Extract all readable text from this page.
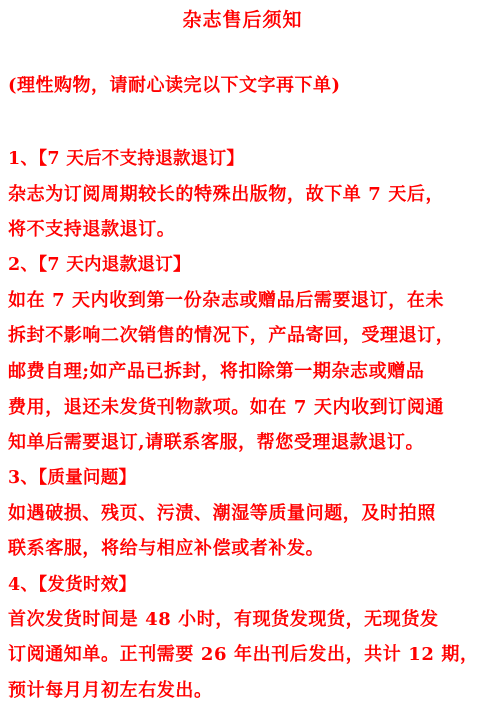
杂志售后须知
(理性购物，请耐心读完以下文字再下单)
1、【7 天后不支持退款退订】
杂志为订阅周期较长的特殊出版物，故下单 7 天后，
将不支持退款退订。
2、【7 天内退款退订】
如在 7 天内收到第一份杂志或赠品后需要退订，在未
拆封不影响二次销售的情况下，产品寄回，受理退订，
邮费自理;如产品已拆封，将扣除第一期杂志或赠品
费用，退还未发货刊物款项。如在 7 天内收到订阅通
知单后需要退订,请联系客服，帮您受理退款退订。
3、【质量问题】
如遇破损、残页、污渍、潮湿等质量问题，及时拍照
联系客服，将给与相应补偿或者补发。
4、【发货时效】
首次发货时间是 48 小时，有现货发现货，无现货发
订阅通知单。正刊需要 26 年出刊后发出，共计 12 期，
预计每月月初左右发出。
